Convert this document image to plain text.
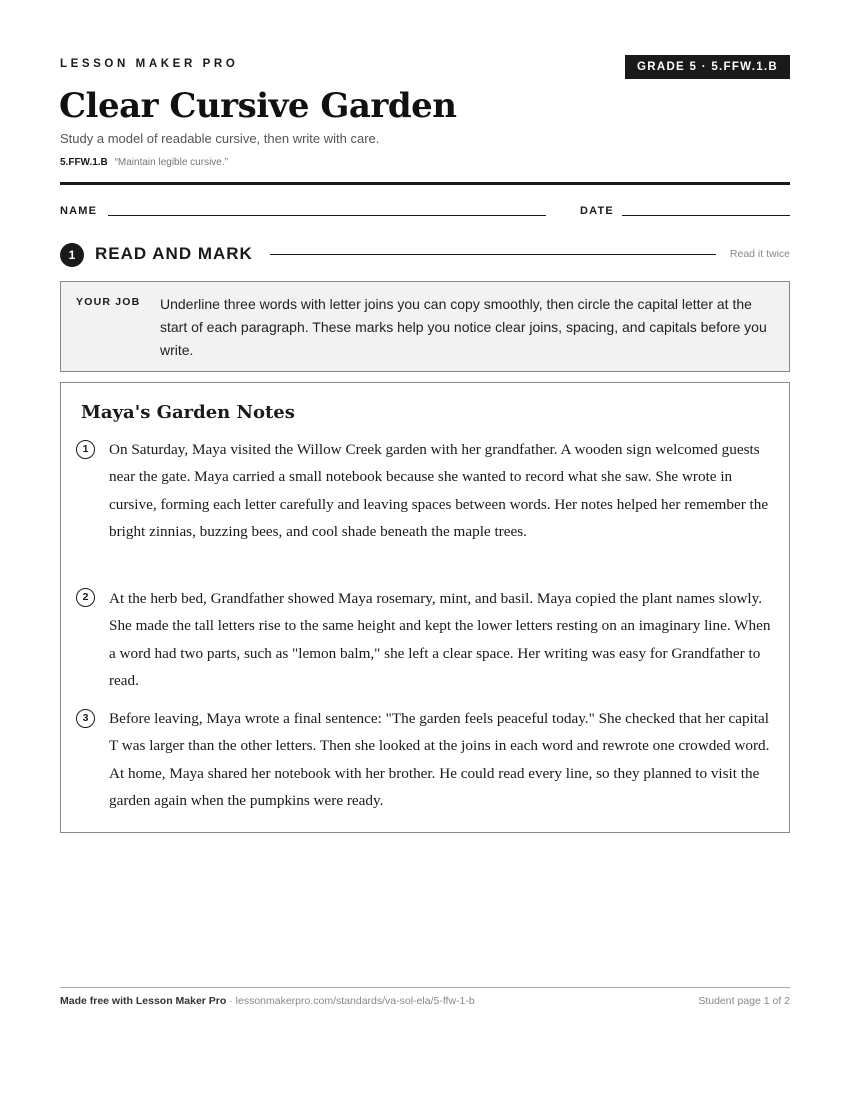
LESSON MAKER PRO	GRADE 5 · 5.FFW.1.B
Clear Cursive Garden
Study a model of readable cursive, then write with care.
5.FFW.1.B “Maintain legible cursive.”
NAME	DATE
1	READ AND MARK	Read it twice
YOUR JOB Underline three words with letter joins you can copy smoothly, then circle the capital letter at the start of each paragraph. These marks help you notice clear joins, spacing, and capitals before you write.
Maya's Garden Notes
1	On Saturday, Maya visited the Willow Creek garden with her grandfather. A wooden sign welcomed guests near the gate. Maya carried a small notebook because she wanted to record what she saw. She wrote in cursive, forming each letter carefully and leaving spaces between words. Her notes helped her remember the bright zinnias, buzzing bees, and cool shade beneath the maple trees.

2	At the herb bed, Grandfather showed Maya rosemary, mint, and basil. Maya copied the plant names slowly. She made the tall letters rise to the same height and kept the lower letters resting on an imaginary line. When a word had two parts, such as "lemon balm," she left a clear space. Her writing was easy for Grandfather to read.

3	Before leaving, Maya wrote a final sentence: "The garden feels peaceful today." She checked that her capital T was larger than the other letters. Then she looked at the joins in each word and rewrote one crowded word. At home, Maya shared her notebook with her brother. He could read every line, so they planned to visit the garden again when the pumpkins were ready.

Made free with Lesson Maker Pro · lessonmakerpro.com/standards/va-sol-ela/5-ffw-1-b	Student page 1 of 2
